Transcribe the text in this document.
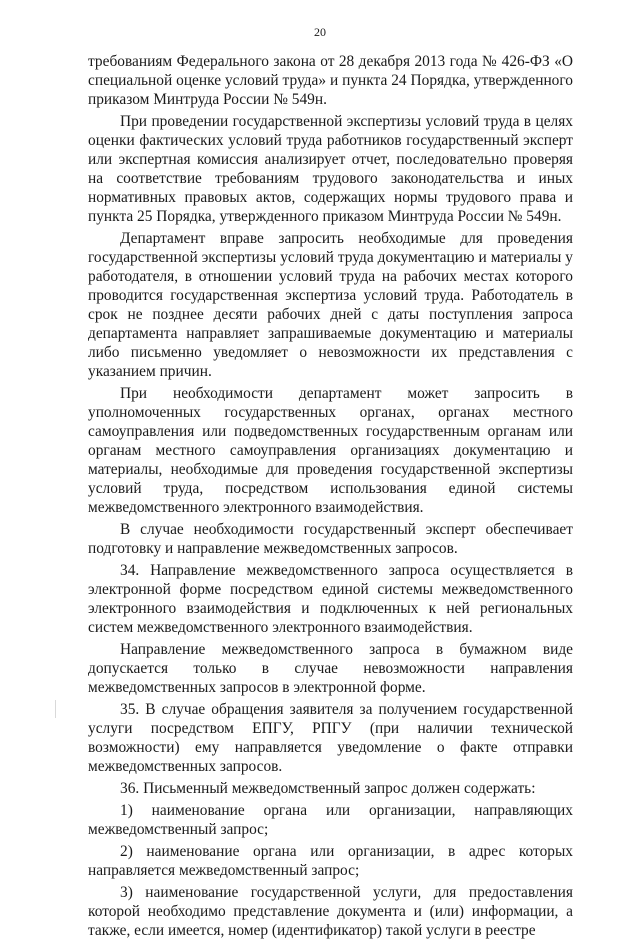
20

требованиям Федерального закона от 28 декабря 2013 года № 426-ФЗ «О специальной оценке условий труда» и пункта 24 Порядка, утвержденного приказом Минтруда России № 549н.

При проведении государственной экспертизы условий труда в целях оценки фактических условий труда работников государственный эксперт или экспертная комиссия анализирует отчет, последовательно проверяя на соответствие требованиям трудового законодательства и иных нормативных правовых актов, содержащих нормы трудового права и пункта 25 Порядка, утвержденного приказом Минтруда России № 549н.

Департамент вправе запросить необходимые для проведения государственной экспертизы условий труда документацию и материалы у работодателя, в отношении условий труда на рабочих местах которого проводится государственная экспертиза условий труда. Работодатель в срок не позднее десяти рабочих дней с даты поступления запроса департамента направляет запрашиваемые документацию и материалы либо письменно уведомляет о невозможности их представления с указанием причин.

При необходимости департамент может запросить в уполномоченных государственных органах, органах местного самоуправления или подведомственных государственным органам или органам местного самоуправления организациях документацию и материалы, необходимые для проведения государственной экспертизы условий труда, посредством использования единой системы межведомственного электронного взаимодействия.

В случае необходимости государственный эксперт обеспечивает подготовку и направление межведомственных запросов.

34. Направление межведомственного запроса осуществляется в электронной форме посредством единой системы межведомственного электронного взаимодействия и подключенных к ней региональных систем межведомственного электронного взаимодействия.

Направление межведомственного запроса в бумажном виде допускается только в случае невозможности направления межведомственных запросов в электронной форме.

35. В случае обращения заявителя за получением государственной услуги посредством ЕПГУ, РПГУ (при наличии технической возможности) ему направляется уведомление о факте отправки межведомственных запросов.

36. Письменный межведомственный запрос должен содержать:

1) наименование органа или организации, направляющих межведомственный запрос;

2) наименование органа или организации, в адрес которых направляется межведомственный запрос;

3) наименование государственной услуги, для предоставления которой необходимо представление документа и (или) информации, а также, если имеется, номер (идентификатор) такой услуги в реестре
